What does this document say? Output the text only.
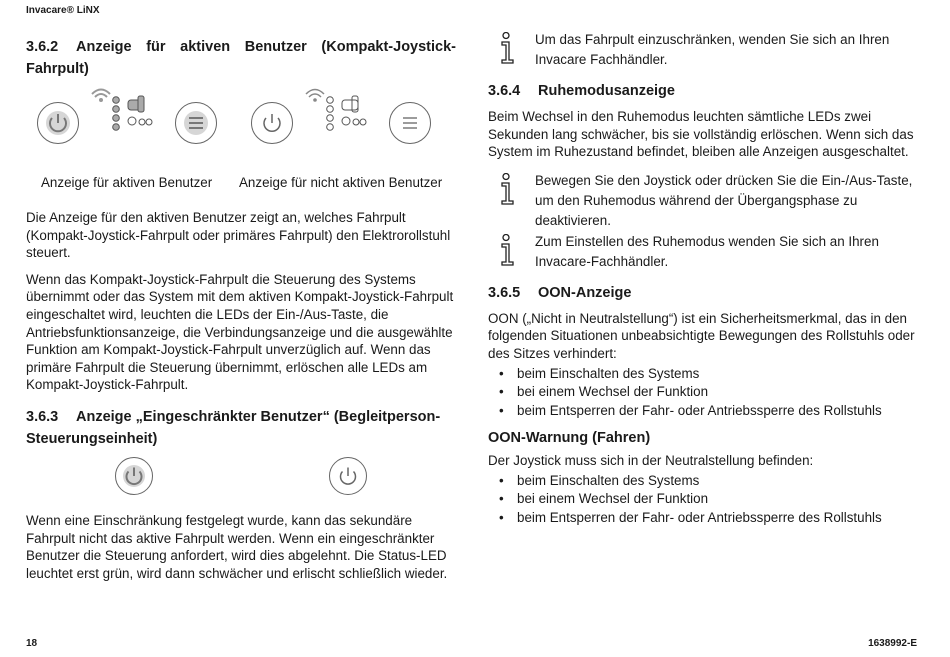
Invacare® LiNX
3.6.2 Anzeige für aktiven Benutzer (Kompakt-Joystick-
Fahrpult)
Anzeige für aktiven Benutzer	Anzeige für nicht aktiven Benutzer

Die Anzeige für den aktiven Benutzer zeigt an, welches Fahrpult (Kompakt-Joystick-Fahrpult oder primäres Fahrpult) den Elektrorollstuhl steuert.

Wenn das Kompakt-Joystick-Fahrpult die Steuerung des Systems übernimmt oder das System mit dem aktiven Kompakt-Joystick-Fahrpult eingeschaltet wird, leuchten die LEDs der Ein-/Aus-Taste, die Antriebsfunktionsanzeige, die Verbindungsanzeige und die ausgewählte Funktion am Kompakt-Joystick-Fahrpult unverzüglich auf. Wenn das primäre Fahrpult die Steuerung übernimmt, erlöschen alle LEDs am Kompakt-Joystick-Fahrpult.

3.6.3 Anzeige „Eingeschränkter Benutzer“ (Begleitperson-
Steuerungseinheit)

Wenn eine Einschränkung festgelegt wurde, kann das sekundäre Fahrpult nicht das aktive Fahrpult werden. Wenn ein eingeschränkter Benutzer die Steuerung anfordert, wird dies abgelehnt. Die Status-LED leuchtet erst grün, wird dann schwächer und erlischt schließlich wieder.

Um das Fahrpult einzuschränken, wenden Sie sich an Ihren Invacare Fachhändler.

3.6.4 Ruhemodusanzeige

Beim Wechsel in den Ruhemodus leuchten sämtliche LEDs zwei Sekunden lang schwächer, bis sie vollständig erlöschen. Wenn sich das System im Ruhezustand befindet, bleiben alle Anzeigen ausgeschaltet.

Bewegen Sie den Joystick oder drücken Sie die Ein-/Aus-Taste, um den Ruhemodus während der Übergangsphase zu deaktivieren.

Zum Einstellen des Ruhemodus wenden Sie sich an Ihren Invacare-Fachhändler.

3.6.5 OON-Anzeige

OON („Nicht in Neutralstellung“) ist ein Sicherheitsmerkmal, das in den folgenden Situationen unbeabsichtigte Bewegungen des Rollstuhls oder des Sitzes verhindert:

• beim Einschalten des Systems
• bei einem Wechsel der Funktion
• beim Entsperren der Fahr- oder Antriebssperre des Rollstuhls
OON-Warnung (Fahren)

Der Joystick muss sich in der Neutralstellung befinden:

• beim Einschalten des Systems
• bei einem Wechsel der Funktion
• beim Entsperren der Fahr- oder Antriebssperre des Rollstuhls
18	1638992-E
